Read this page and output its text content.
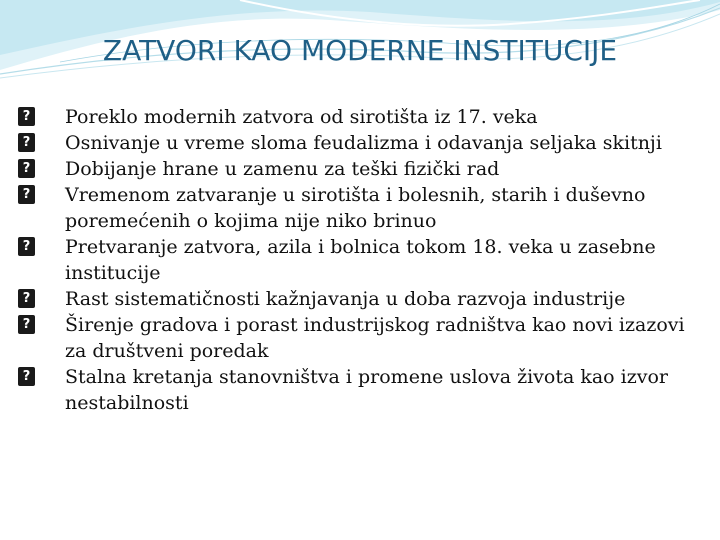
ZATVORI KAO MODERNE INSTITUCIJE
? Poreklo modernih zatvora od sirotišta iz 17. veka
? Osnivanje u vreme sloma feudalizma i odavanja seljaka skitnji
? Dobijanje hrane u zamenu za teški fizički rad
? Vremenom zatvaranje u sirotišta i bolesnih, starih i duševno poremećenih o kojima nije niko brinuo
? Pretvaranje zatvora, azila i bolnica tokom 18. veka u zasebne institucije
? Rast sistematičnosti kažnjavanja u doba razvoja industrije
? Širenje gradova i porast industrijskog radništva kao novi izazovi za društveni poredak
? Stalna kretanja stanovništva i promene uslova života kao izvor nestabilnosti
